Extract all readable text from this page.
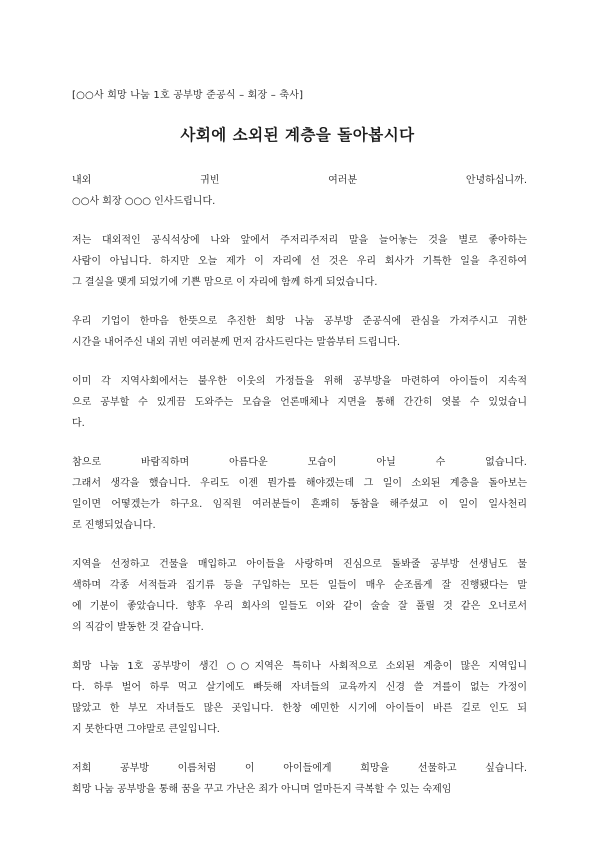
[○○사 희망 나눔 1호 공부방 준공식 – 회장 – 축사]
사회에 소외된 계층을 돌아봅시다
내외 귀빈 여러분 안녕하십니까.
○○사 회장 ○○○ 인사드립니다.
저는 대외적인 공식석상에 나와 앞에서 주저리주저리 말을 늘어놓는 것을 별로 좋아하는
사람이 아닙니다. 하지만 오늘 제가 이 자리에 선 것은 우리 회사가 기특한 일을 추진하여
그 결실을 맺게 되었기에 기쁜 맘으로 이 자리에 함께 하게 되었습니다.
우리 기업이 한마음 한뜻으로 추진한 희망 나눔 공부방 준공식에 관심을 가져주시고 귀한
시간을 내어주신 내외 귀빈 여러분께 먼저 감사드린다는 말씀부터 드립니다.
이미 각 지역사회에서는 불우한 이웃의 가정들을 위해 공부방을 마련하여 아이들이 지속적
으로 공부할 수 있게끔 도와주는 모습을 언론매체나 지면을 통해 간간히 엿볼 수 있었습니
다.
참으로 바람직하며 아름다운 모습이 아닐 수 없습니다.
그래서 생각을 했습니다. 우리도 이젠 뭔가를 해야겠는데 그 일이 소외된 계층을 돌아보는
일이면 어떻겠는가 하구요. 임직원 여러분들이 흔쾌히 동참을 해주셨고 이 일이 일사천리
로 진행되었습니다.
지역을 선정하고 건물을 매입하고 아이들을 사랑하며 진심으로 돌봐줄 공부방 선생님도 물
색하며 각종 서적들과 집기류 등을 구입하는 모든 일들이 매우 순조롭게 잘 진행됐다는 말
에 기분이 좋았습니다. 향후 우리 회사의 일들도 이와 같이 술술 잘 풀릴 것 같은 오너로서
의 직감이 발동한 것 같습니다.
희망 나눔 1호 공부방이 생긴 ○○지역은 특히나 사회적으로 소외된 계층이 많은 지역입니
다. 하루 벌어 하루 먹고 살기에도 빠듯해 자녀들의 교육까지 신경 쓸 겨를이 없는 가정이
많았고 한 부모 자녀들도 많은 곳입니다. 한창 예민한 시기에 아이들이 바른 길로 인도 되
지 못한다면 그야말로 큰일입니다.
저희 공부방 이름처럼 이 아이들에게 희망을 선물하고 싶습니다.
희망 나눔 공부방을 통해 꿈을 꾸고 가난은 죄가 아니며 얼마든지 극복할 수 있는 숙제임
